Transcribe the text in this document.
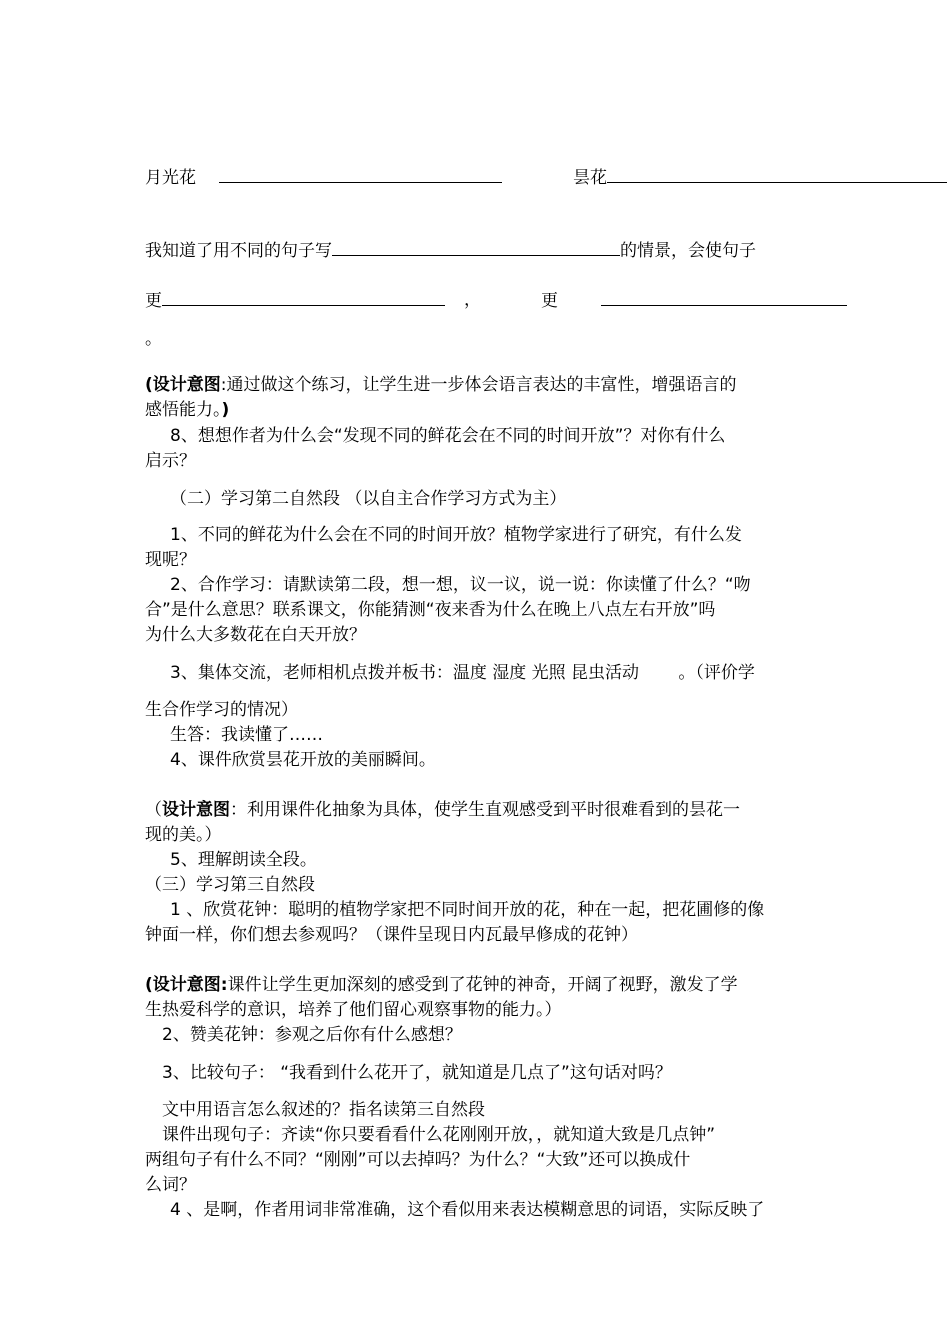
月光花	昙花
我知道了用不同的句子写	的情景，会使句子
更	，	更
。
(设计意图:通过做这个练习，让学生进一步体会语言表达的丰富性，增强语言的
感悟能力。)
8、想想作者为什么会“发现不同的鲜花会在不同的时间开放”？对你有什么
启示？
（二）学习第二自然段 （以自主合作学习方式为主）
1、不同的鲜花为什么会在不同的时间开放？植物学家进行了研究，有什么发
现呢？
2、合作学习：请默读第二段，想一想，议一议，说一说：你读懂了什么？“吻
合”是什么意思？联系课文，你能猜测“夜来香为什么在晚上八点左右开放”吗
为什么大多数花在白天开放？
3、集体交流，老师相机点拨并板书：温度 湿度 光照 昆虫活动 　　。（评价学
生合作学习的情况）
生答：我读懂了……
4、课件欣赏昙花开放的美丽瞬间。
（设计意图：利用课件化抽象为具体，使学生直观感受到平时很难看到的昙花一
现的美。）
5、理解朗读全段。
（三）学习第三自然段
1 、欣赏花钟：聪明的植物学家把不同时间开放的花，种在一起，把花圃修的像
钟面一样，你们想去参观吗？（课件呈现日内瓦最早修成的花钟）
(设计意图:课件让学生更加深刻的感受到了花钟的神奇，开阔了视野，激发了学
生热爱科学的意识，培养了他们留心观察事物的能力。）
2、赞美花钟：参观之后你有什么感想？
3、比较句子： “我看到什么花开了，就知道是几点了”这句话对吗？
文中用语言怎么叙述的？指名读第三自然段
课件出现句子：齐读“你只要看看什么花刚刚开放，，就知道大致是几点钟”
两组句子有什么不同？“刚刚”可以去掉吗？为什么？“大致”还可以换成什
么词？
4 、是啊，作者用词非常准确，这个看似用来表达模糊意思的词语，实际反映了
